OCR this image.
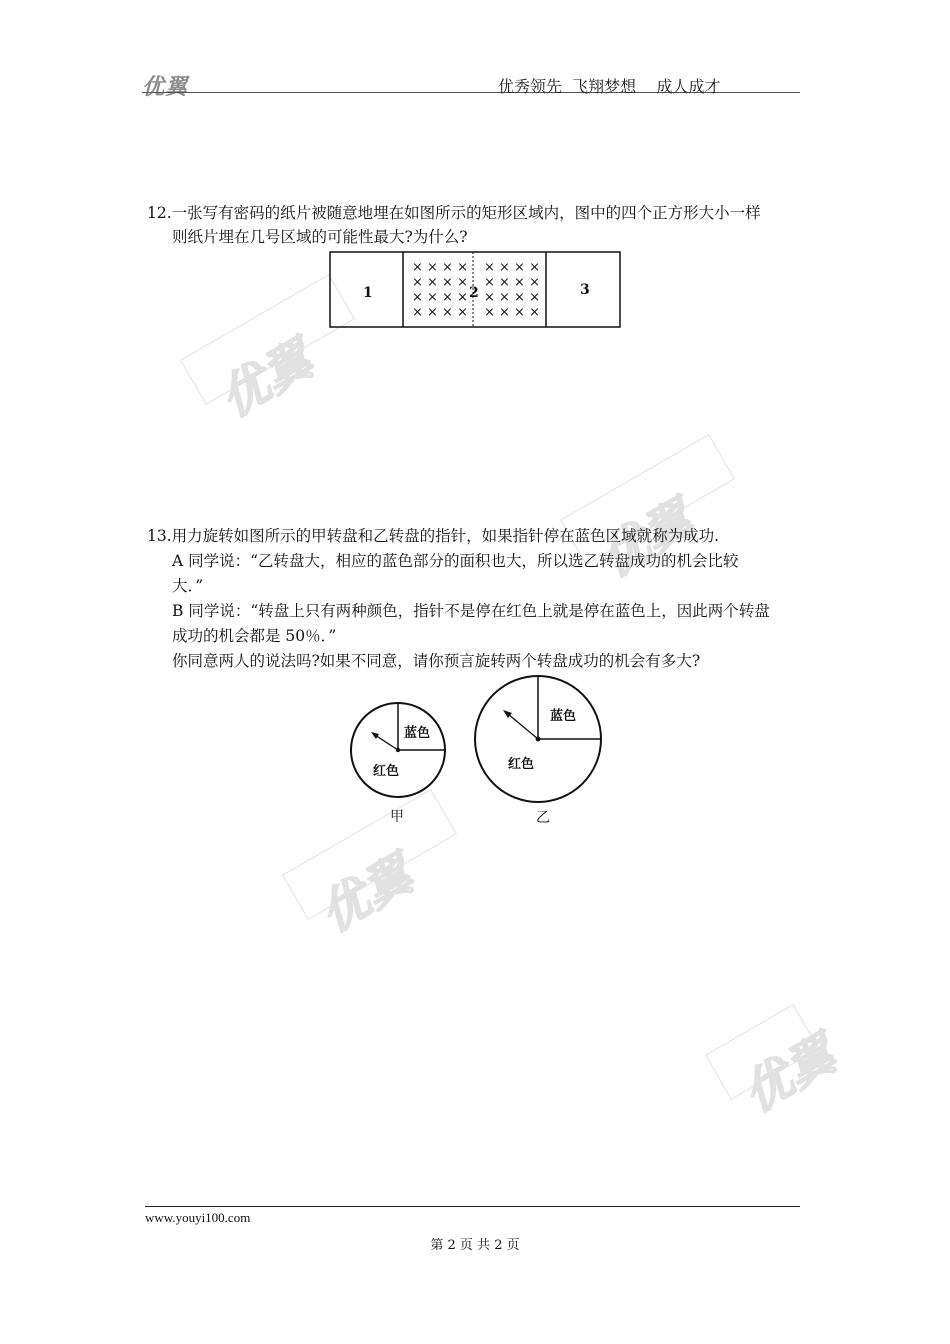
优翼
优翼
优翼
优翼
优翼	优秀领先  飞翔梦想    成人成才
12.一张写有密码的纸片被随意地埋在如图所示的矩形区域内，图中的四个正方形大小一样
则纸片埋在几号区域的可能性最大?为什么?
× × × ×
× × × ×
× × × ×
× × × ×
× × × ×
× × × ×
× × × ×
× × × ×
1	2	3
13.用力旋转如图所示的甲转盘和乙转盘的指针，如果指针停在蓝色区域就称为成功.
A 同学说：“乙转盘大，相应的蓝色部分的面积也大，所以选乙转盘成功的机会比较
大．”
B 同学说：“转盘上只有两种颜色，指针不是停在红色上就是停在蓝色上，因此两个转盘
成功的机会都是 50％．”
你同意两人的说法吗?如果不同意，请你预言旋转两个转盘成功的机会有多大?
蓝色
红色
甲
蓝色
红色
乙
www.youyi100.com
第 2 页 共 2 页
